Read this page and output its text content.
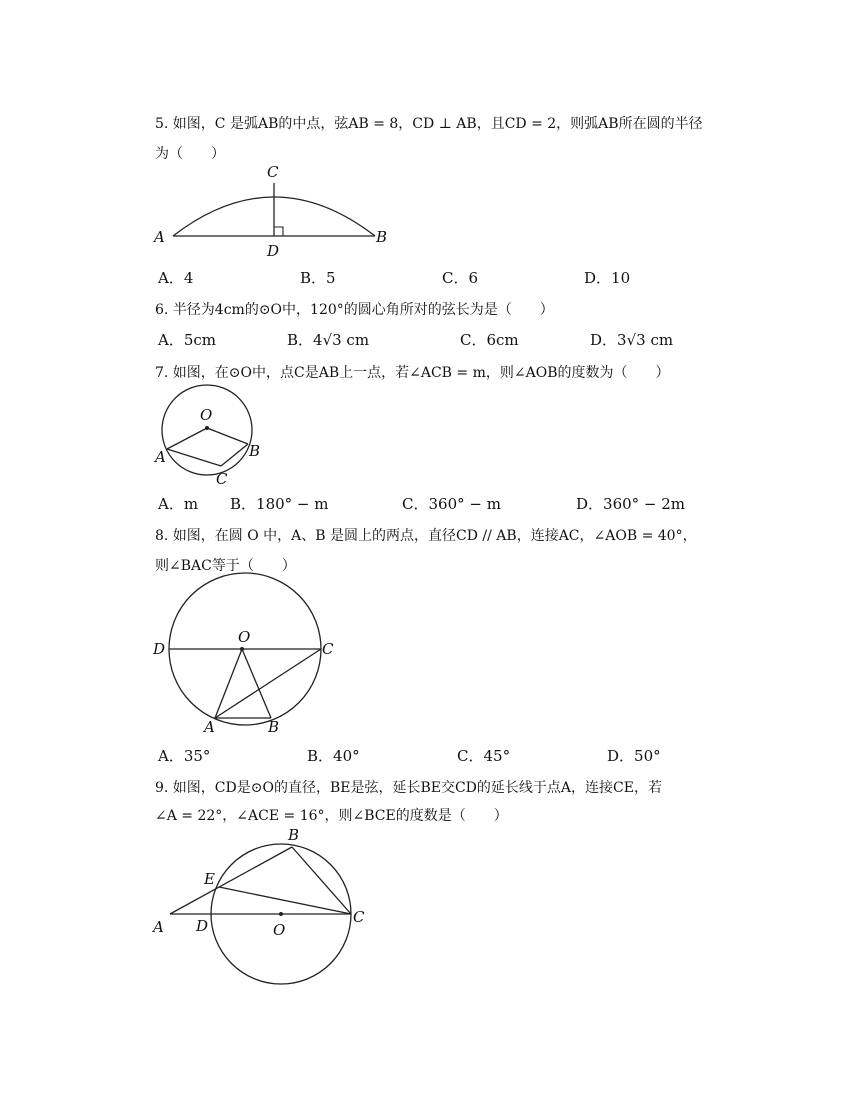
5. 如图，C 是弧AB的中点，弦AB = 8，CD ⊥ AB，且CD = 2，则弧AB所在圆的半径
为（　　）
C
A
D
B
A．4	B．5	C．6	D．10
6. 半径为4cm的⊙O中，120°的圆心角所对的弦长为是（　　）
A．5cm	B．4√3 cm	C．6cm	D．3√3 cm
7. 如图，在⊙O中，点C是AB上一点，若∠ACB = m，则∠AOB的度数为（　　）
O
A	B
C
A．m B．180° − m	C．360° − m	D．360° − 2m
8. 如图，在圆 O 中，A、B 是圆上的两点，直径CD // AB，连接AC，∠AOB = 40°，
则∠BAC等于（　　）
D
O
C
A	B
A．35°	B．40°	C．45°	D．50°
9. 如图，CD是⊙O的直径，BE是弦，延长BE交CD的延长线于点A，连接CE，若
∠A = 22°，∠ACE = 16°，则∠BCE的度数是（　　）
B
E
A D	O
C
